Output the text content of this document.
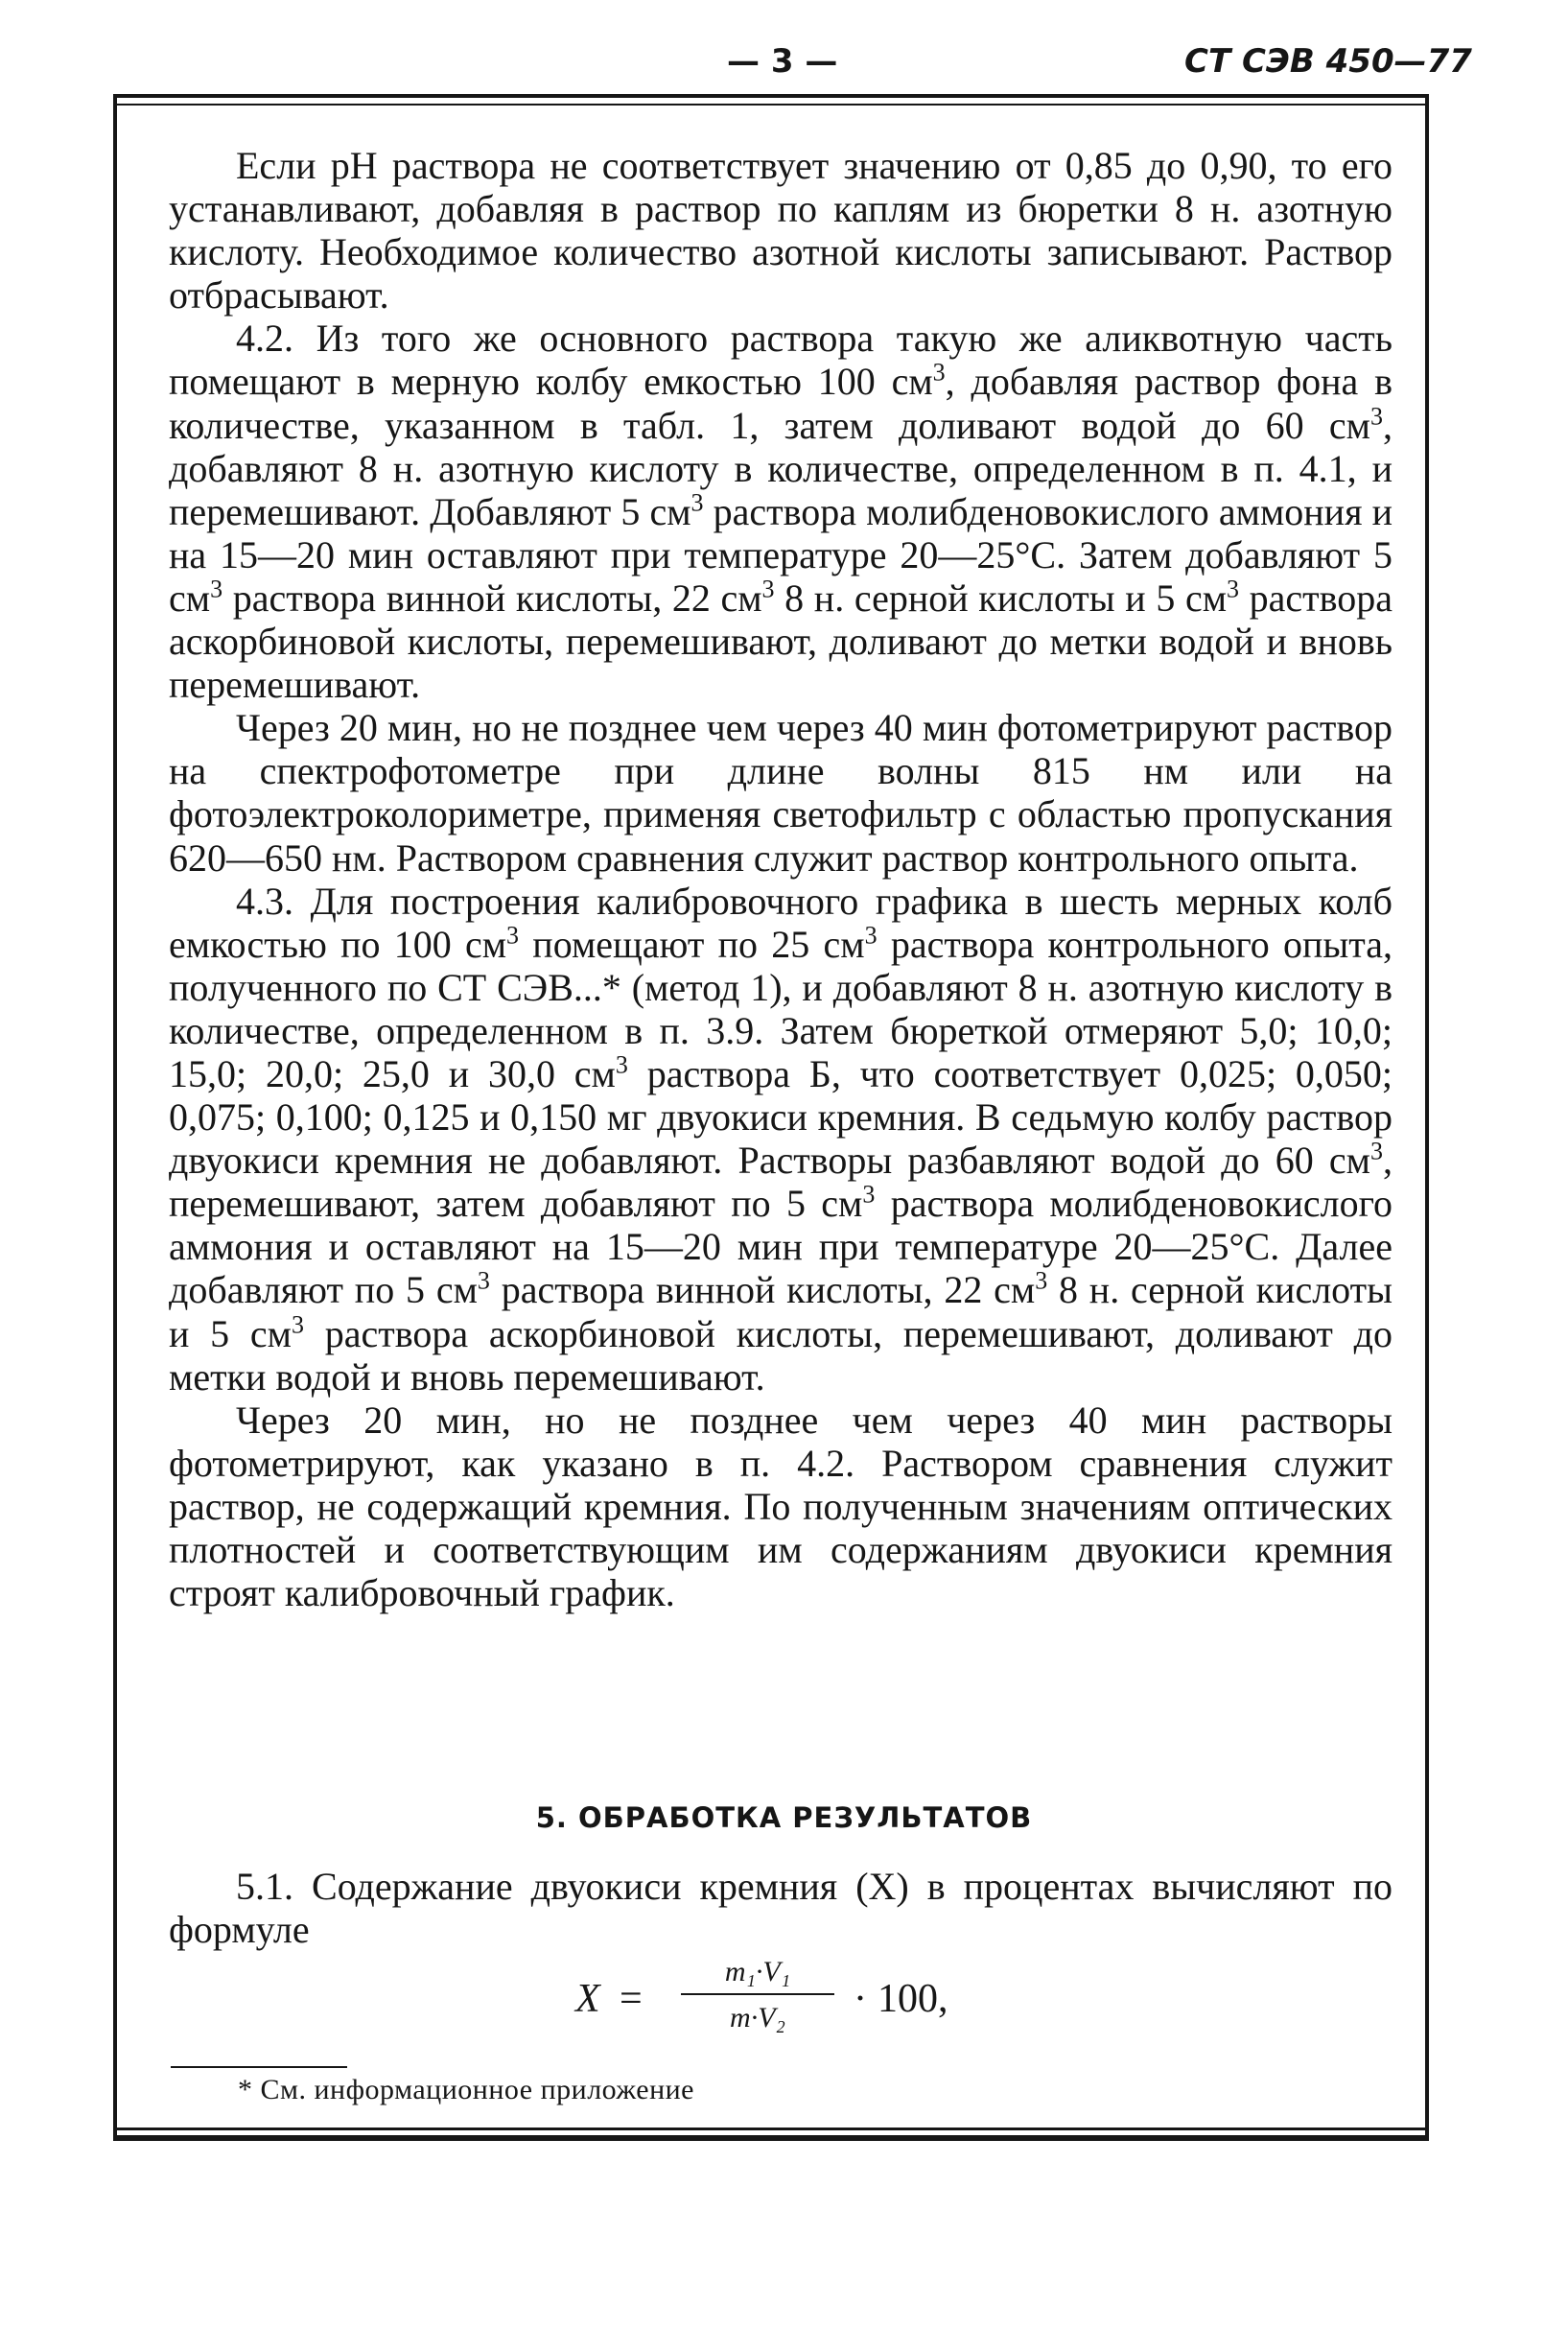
— 3 —	СТ СЭВ 450—77

Если рН раствора не соответствует значению от 0,85 до 0,90, то его устанавливают, добавляя в раствор по каплям из бюретки 8 н. азотную кислоту. Необходимое количество азотной кислоты записывают. Раствор отбрасывают.

4.2. Из того же основного раствора такую же аликвотную часть помещают в мерную колбу емкостью 100 $см^3$, добавляя раствор фона в количестве, указанном в табл. 1, затем доливают водой до 60 $см^3$, добавляют 8 н. азотную кислоту в количестве, определенном в п. 4.1, и перемешивают. Добавляют 5 $см^3$ раствора молибденовокислого аммония и на 15—20 мин оставляют при температуре 20—25°С. Затем добавляют 5 $см^3$ раствора винной кислоты, 22 $см^3$ 8 н. серной кислоты и 5 $см^3$ раствора аскорбиновой кислоты, перемешивают, доливают до метки водой и вновь перемешивают.

Через 20 мин, но не позднее чем через 40 мин фотометрируют раствор на спектрофотометре при длине волны 815 нм или на фотоэлектроколориметре, применяя светофильтр с областью пропускания 620—650 нм. Раствором сравнения служит раствор контрольного опыта.

4.3. Для построения калибровочного графика в шесть мерных колб емкостью по 100 $см^3$ помещают по 25 $см^3$ раствора контрольного опыта, полученного по СТ СЭВ...* (метод 1), и добавляют 8 н. азотную кислоту в количестве, определенном в п. 3.9. Затем бюреткой отмеряют 5,0; 10,0; 15,0; 20,0; 25,0 и 30,0 $см^3$ раствора Б, что соответствует 0,025; 0,050; 0,075; 0,100; 0,125 и 0,150 мг двуокиси кремния. В седьмую колбу раствор двуокиси кремния не добавляют. Растворы разбавляют водой до 60 $см^3$, перемешивают, затем добавляют по 5 $см^3$ раствора молибденовокислого аммония и оставляют на 15—20 мин при температуре 20—25°С. Далее добавляют по 5 $см^3$ раствора винной кислоты, 22 $см^3$ 8 н. серной кислоты и 5 $см^3$ раствора аскорбиновой кислоты, перемешивают, доливают до метки водой и вновь перемешивают.

Через 20 мин, но не позднее чем через 40 мин растворы фотометрируют, как указано в п. 4.2. Раствором сравнения служит раствор, не содержащий кремния. По полученным значениям оптических плотностей и соответствующим им содержаниям двуокиси кремния строят калибровочный график.

5. ОБРАБОТКА РЕЗУЛЬТАТОВ

5.1. Содержание двуокиси кремния (X) в процентах вычисляют по формуле

X =
m₁·V₁
m·V₂	· 100,
* См. информационное приложение
